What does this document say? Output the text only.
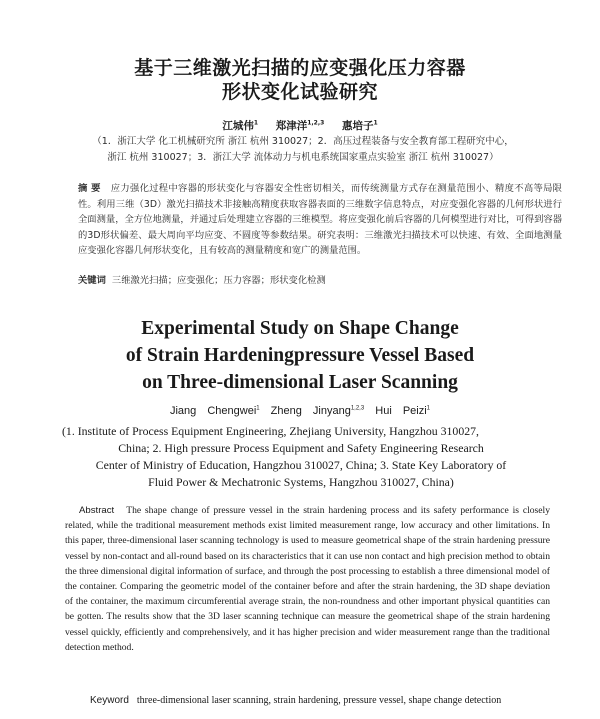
基于三维激光扫描的应变强化压力容器
形状变化试验研究
江城伟$^1$ 郑津洋$^{1,2,3}$ 惠培子$^1$
（1．浙江大学 化工机械研究所 浙江 杭州 310027；2．高压过程装备与安全教育部工程研究中心，
浙江 杭州 310027；3．浙江大学 流体动力与机电系统国家重点实验室 浙江 杭州 310027）
摘 要 应力强化过程中容器的形状变化与容器安全性密切相关，而传统测量方式存在测量范围小、精度不高等局限性。利用三维（3D）激光扫描技术非接触高精度获取容器表面的三维数字信息特点，对应变强化容器的几何形状进行全面测量，全方位地测量，并通过后处理建立容器的三维模型。将应变强化前后容器的几何模型进行对比，可得到容器的3D形状偏差、最大周向平均应变、不圆度等参数结果。研究表明：三维激光扫描技术可以快速、有效、全面地测量应变强化容器几何形状变化，且有较高的测量精度和宽广的测量范围。
关键词 三维激光扫描；应变强化；压力容器；形状变化检测
Experimental Study on Shape Change
of Strain Hardeningpressure Vessel Based
on Three-dimensional Laser Scanning
Jiang Chengwei$^1$ Zheng Jinyang$^{1,2,3}$ Hui Peizi$^1$
(1. Institute of Process Equipment Engineering, Zhejiang University, Hangzhou 310027,
China; 2. High pressure Process Equipment and Safety Engineering Research
Center of Ministry of Education, Hangzhou 310027, China; 3. State Key Laboratory of
Fluid Power & Mechatronic Systems, Hangzhou 310027, China)
Abstract The shape change of pressure vessel in the strain hardening process and its safety performance is closely related, while the traditional measurement methods exist limited measurement range, low accuracy and other limitations. In this paper, three-dimensional laser scanning technology is used to measure geometrical shape of the strain hardening pressure vessel by non-contact and all-round based on its characteristics that it can use non contact and high precision method to obtain the three dimensional digital information of surface, and through the post processing to establish a three dimensional model of the container. Comparing the geometric model of the container before and after the strain hardening, the 3D shape deviation of the container, the maximum circumferential average strain, the non-roundness and other important physical quantities can be gotten. The results show that the 3D laser scanning technique can measure the geometrical shape of the strain hardening vessel quickly, efficiently and comprehensively, and it has higher precision and wider measurement range than the traditional detection method.
Keyword three-dimensional laser scanning, strain hardening, pressure vessel, shape change detection
